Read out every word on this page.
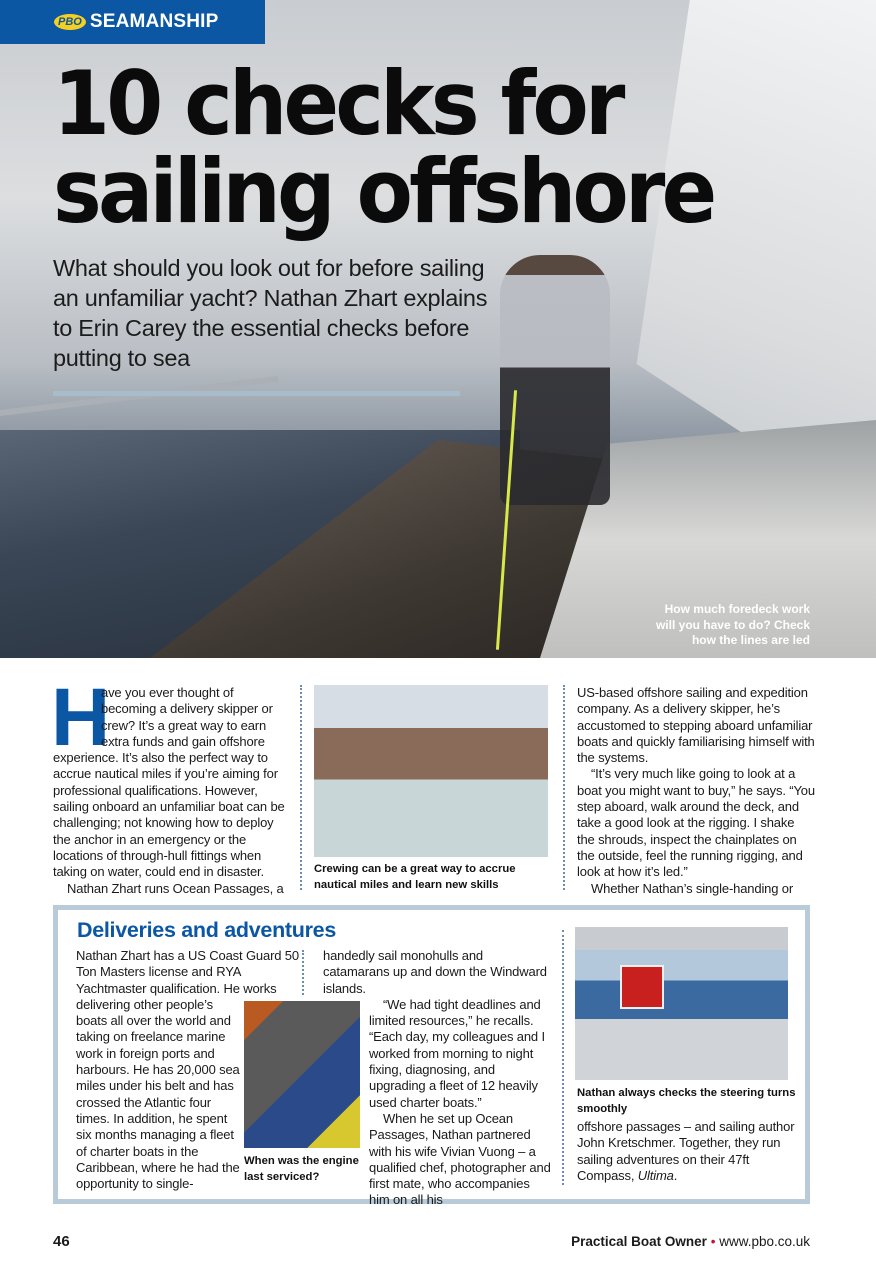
How much foredeck work will you have to do? Check how the lines are led
PBO SEAMANSHIP
10 checks for
sailing offshore
What should you look out for before sailing an unfamiliar yacht? Nathan Zhart explains to Erin Carey the essential checks before putting to sea
H

ave you ever thought of becoming a delivery skipper or crew? It’s a great way to earn extra funds and gain offshore experience. It’s also the perfect way to accrue nautical miles if you’re aiming for professional qualifications. However, sailing onboard an unfamiliar boat can be challenging; not knowing how to deploy the anchor in an emergency or the locations of through-hull fittings when taking on water, could end in disaster.

Nathan Zhart runs Ocean Passages, a

Crewing can be a great way to accrue nautical miles and learn new skills

US-based offshore sailing and expedition company. As a delivery skipper, he’s accustomed to stepping aboard unfamiliar boats and quickly familiarising himself with the systems.

“It’s very much like going to look at a boat you might want to buy,” he says. “You step aboard, walk around the deck, and take a good look at the rigging. I shake the shrouds, inspect the chainplates on the outside, feel the running rigging, and look at how it’s led.”

Whether Nathan’s single-handing or

Deliveries and adventures

Nathan Zhart has a US Coast Guard 50 Ton Masters license and RYA Yachtmaster qualification. He works delivering other people’s boats all over the world and taking on freelance marine work in foreign ports and harbours. He has 20,000 sea miles under his belt and has crossed the Atlantic four times. In addition, he spent six months managing a fleet of charter boats in the Caribbean, where he had the opportunity to single-

When was the engine last serviced?

handedly sail monohulls and catamarans up and down the Windward islands.

“We had tight deadlines and limited resources,” he recalls. “Each day, my colleagues and I worked from morning to night fixing, diagnosing, and upgrading a fleet of 12 heavily used charter boats.”

When he set up Ocean Passages, Nathan partnered with his wife Vivian Vuong – a qualified chef, photographer and first mate, who accompanies him on all his

Nathan always checks the steering turns smoothly

offshore passages – and sailing author John Kretschmer. Together, they run sailing adventures on their 47ft Compass, Ultima.

46	Practical Boat Owner • www.pbo.co.uk
